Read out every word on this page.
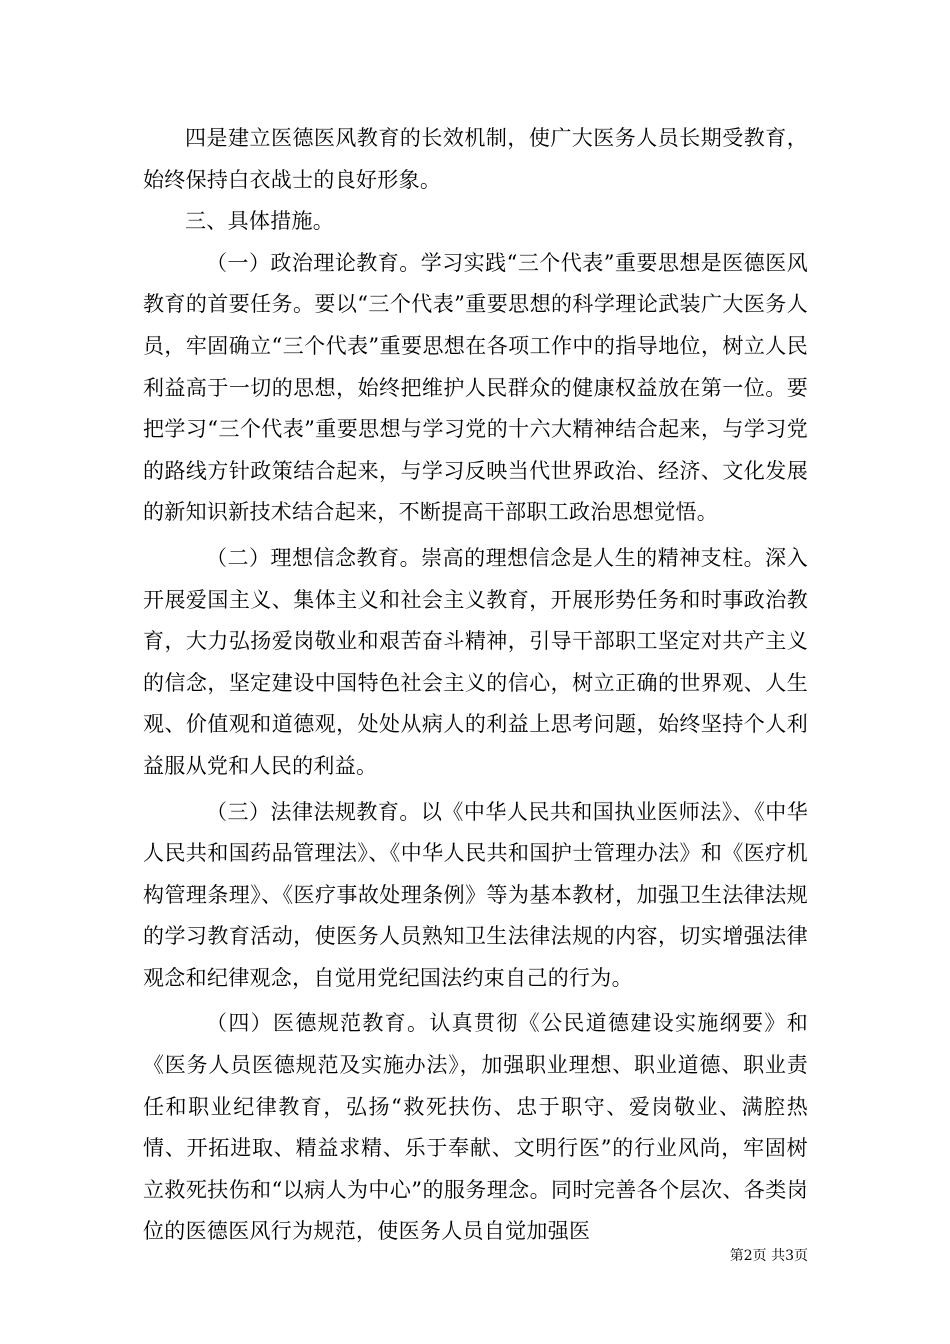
四是建立医德医风教育的长效机制，使广大医务人员长期受教育，始终保持白衣战士的良好形象。

三、具体措施。

（一）政治理论教育。学习实践“三个代表”重要思想是医德医风教育的首要任务。要以“三个代表”重要思想的科学理论武装广大医务人员，牢固确立“三个代表”重要思想在各项工作中的指导地位，树立人民利益高于一切的思想，始终把维护人民群众的健康权益放在第一位。要把学习“三个代表”重要思想与学习党的十六大精神结合起来，与学习党的路线方针政策结合起来，与学习反映当代世界政治、经济、文化发展的新知识新技术结合起来，不断提高干部职工政治思想觉悟。

（二）理想信念教育。崇高的理想信念是人生的精神支柱。深入开展爱国主义、集体主义和社会主义教育，开展形势任务和时事政治教育，大力弘扬爱岗敬业和艰苦奋斗精神，引导干部职工坚定对共产主义的信念，坚定建设中国特色社会主义的信心，树立正确的世界观、人生观、价值观和道德观，处处从病人的利益上思考问题，始终坚持个人利益服从党和人民的利益。

（三）法律法规教育。以《中华人民共和国执业医师法》、《中华人民共和国药品管理法》、《中华人民共和国护士管理办法》和《医疗机构管理条理》、《医疗事故处理条例》等为基本教材，加强卫生法律法规的学习教育活动，使医务人员熟知卫生法律法规的内容，切实增强法律观念和纪律观念，自觉用党纪国法约束自己的行为。

（四）医德规范教育。认真贯彻《公民道德建设实施纲要》和《医务人员医德规范及实施办法》，加强职业理想、职业道德、职业责任和职业纪律教育，弘扬“救死扶伤、忠于职守、爱岗敬业、满腔热情、开拓进取、精益求精、乐于奉献、文明行医”的行业风尚，牢固树立救死扶伤和“以病人为中心”的服务理念。同时完善各个层次、各类岗位的医德医风行为规范，使医务人员自觉加强医

第2页 共3页
